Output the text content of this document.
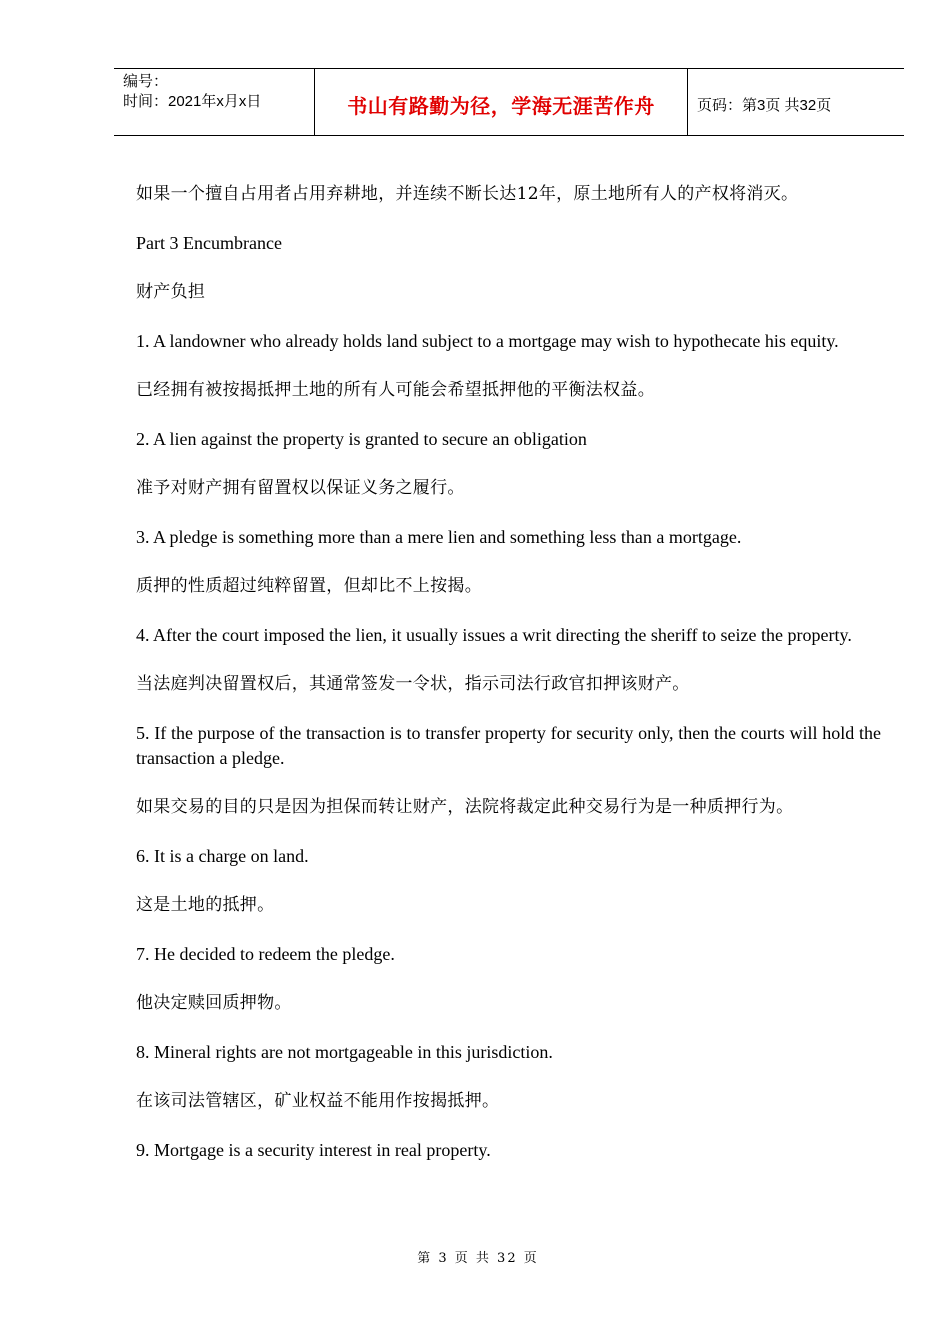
编号：
时间：2021年x月x日	书山有路勤为径，学海无涯苦作舟	页码：第3页 共32页

如果一个擅自占用者占用弃耕地，并连续不断长达12年，原土地所有人的产权将消灭。

Part 3 Encumbrance

财产负担

1. A landowner who already holds land subject to a mortgage may wish to hypothecate his equity.

已经拥有被按揭抵押土地的所有人可能会希望抵押他的平衡法权益。

2. A lien against the property is granted to secure an obligation

准予对财产拥有留置权以保证义务之履行。

3. A pledge is something more than a mere lien and something less than a mortgage.

质押的性质超过纯粹留置，但却比不上按揭。

4. After the court imposed the lien, it usually issues a writ directing the sheriff to seize the property.

当法庭判决留置权后，其通常签发一令状，指示司法行政官扣押该财产。

5. If the purpose of the transaction is to transfer property for security only, then the courts will hold the transaction a pledge.

如果交易的目的只是因为担保而转让财产，法院将裁定此种交易行为是一种质押行为。

6. It is a charge on land.

这是土地的抵押。

7. He decided to redeem the pledge.

他决定赎回质押物。

8. Mineral rights are not mortgageable in this jurisdiction.

在该司法管辖区，矿业权益不能用作按揭抵押。

9. Mortgage is a security interest in real property.

第 3 页 共 32 页
